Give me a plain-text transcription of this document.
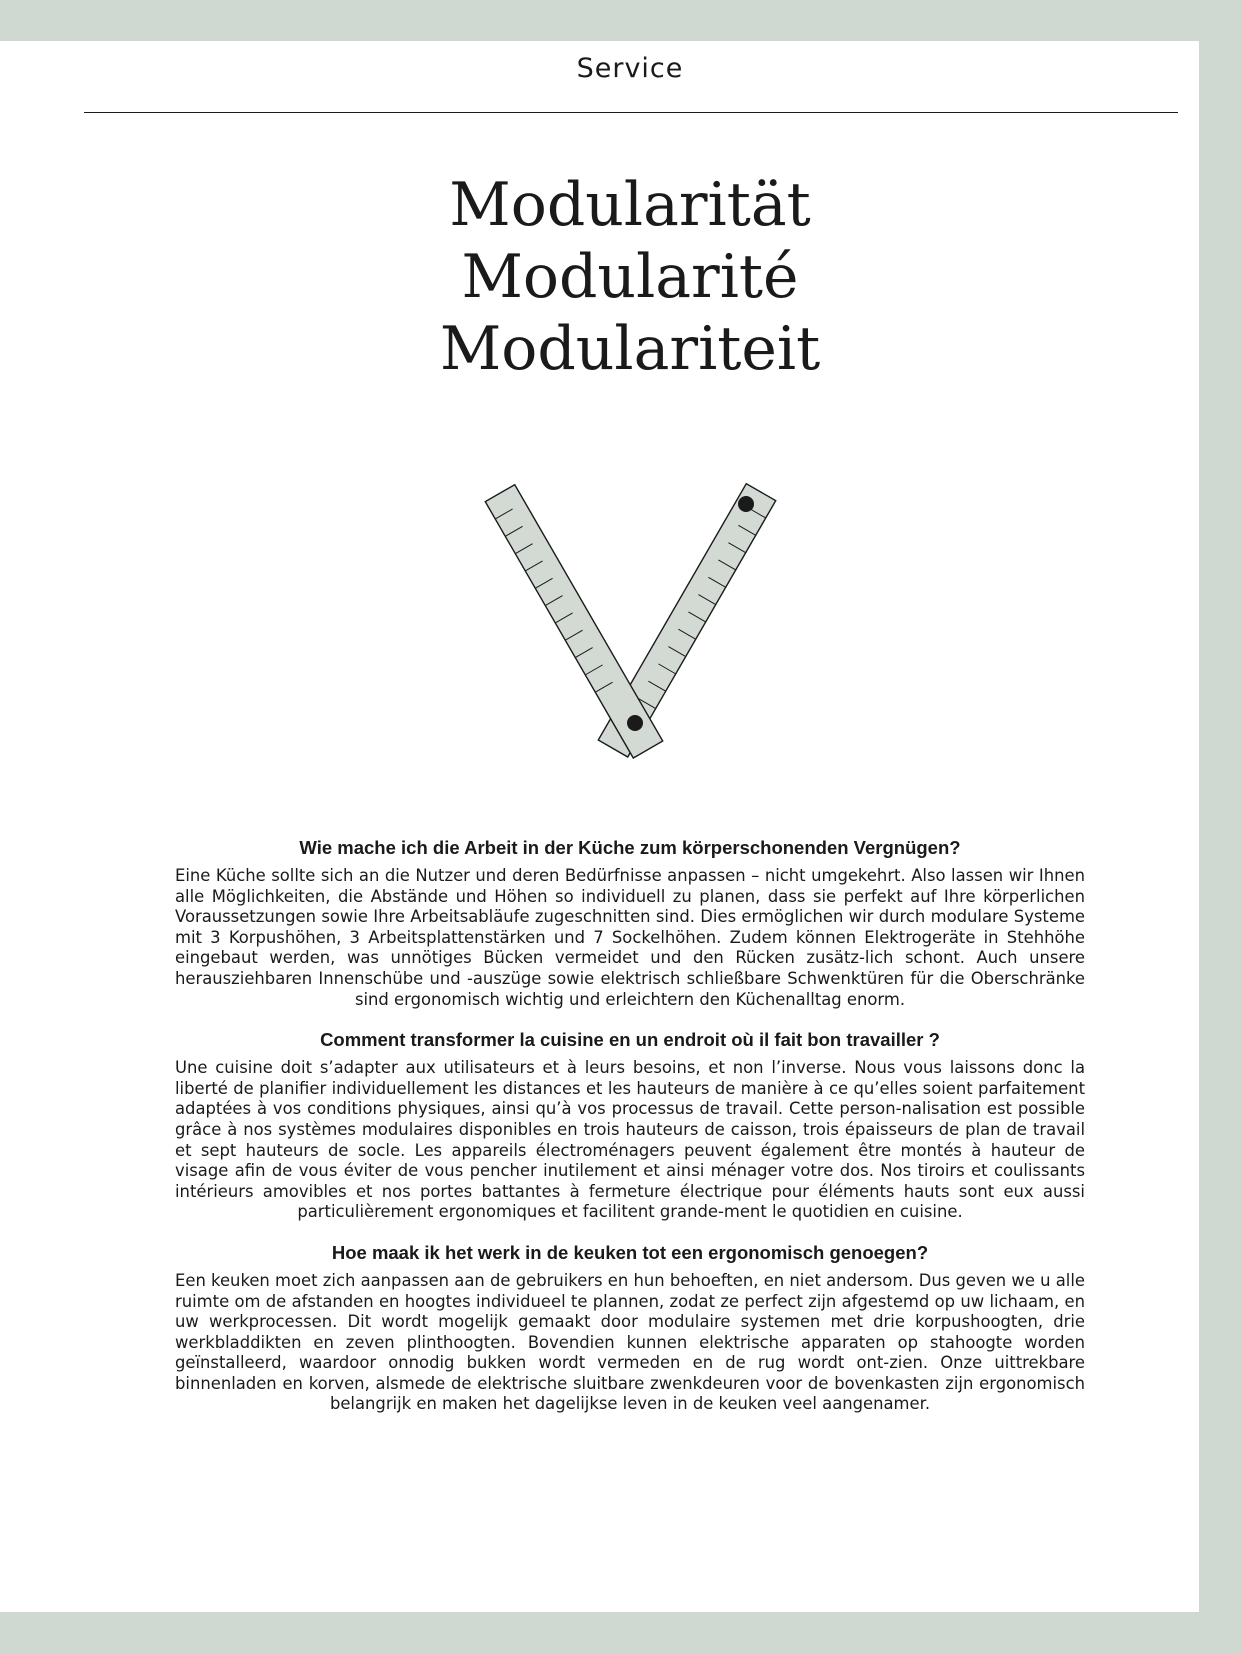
Service
Modularität
Modularité
Modulariteit
Wie mache ich die Arbeit in der Küche zum körperschonenden Vergnügen?

Eine Küche sollte sich an die Nutzer und deren Bedürfnisse anpassen – nicht umgekehrt. Also lassen wir Ihnen alle Möglichkeiten, die Abstände und Höhen so individuell zu planen, dass sie perfekt auf Ihre körperlichen Voraussetzungen sowie Ihre Arbeitsabläufe zugeschnitten sind. Dies ermöglichen wir durch modulare Systeme mit 3 Korpushöhen, 3 Arbeitsplattenstärken und 7 Sockelhöhen. Zudem können Elektrogeräte in Stehhöhe eingebaut werden, was unnötiges Bücken vermeidet und den Rücken zusätz-lich schont. Auch unsere herausziehbaren Innenschübe und -auszüge sowie elektrisch schließbare Schwenktüren für die Oberschränke sind ergonomisch wichtig und erleichtern den Küchenalltag enorm.

Comment transformer la cuisine en un endroit où il fait bon travailler ?

Une cuisine doit s’adapter aux utilisateurs et à leurs besoins, et non l’inverse. Nous vous laissons donc la liberté de planifier individuellement les distances et les hauteurs de manière à ce qu’elles soient parfaitement adaptées à vos conditions physiques, ainsi qu’à vos processus de travail. Cette person-nalisation est possible grâce à nos systèmes modulaires disponibles en trois hauteurs de caisson, trois épaisseurs de plan de travail et sept hauteurs de socle. Les appareils électroménagers peuvent également être montés à hauteur de visage afin de vous éviter de vous pencher inutilement et ainsi ménager votre dos. Nos tiroirs et coulissants intérieurs amovibles et nos portes battantes à fermeture électrique pour éléments hauts sont eux aussi particulièrement ergonomiques et facilitent grande-ment le quotidien en cuisine.

Hoe maak ik het werk in de keuken tot een ergonomisch genoegen?

Een keuken moet zich aanpassen aan de gebruikers en hun behoeften, en niet andersom. Dus geven we u alle ruimte om de afstanden en hoogtes individueel te plannen, zodat ze perfect zijn afgestemd op uw lichaam, en uw werkprocessen. Dit wordt mogelijk gemaakt door modulaire systemen met drie korpushoogten, drie werkbladdikten en zeven plinthoogten. Bovendien kunnen elektrische apparaten op stahoogte worden geïnstalleerd, waardoor onnodig bukken wordt vermeden en de rug wordt ont-zien. Onze uittrekbare binnenladen en korven, alsmede de elektrische sluitbare zwenkdeuren voor de bovenkasten zijn ergonomisch belangrijk en maken het dagelijkse leven in de keuken veel aangenamer.
